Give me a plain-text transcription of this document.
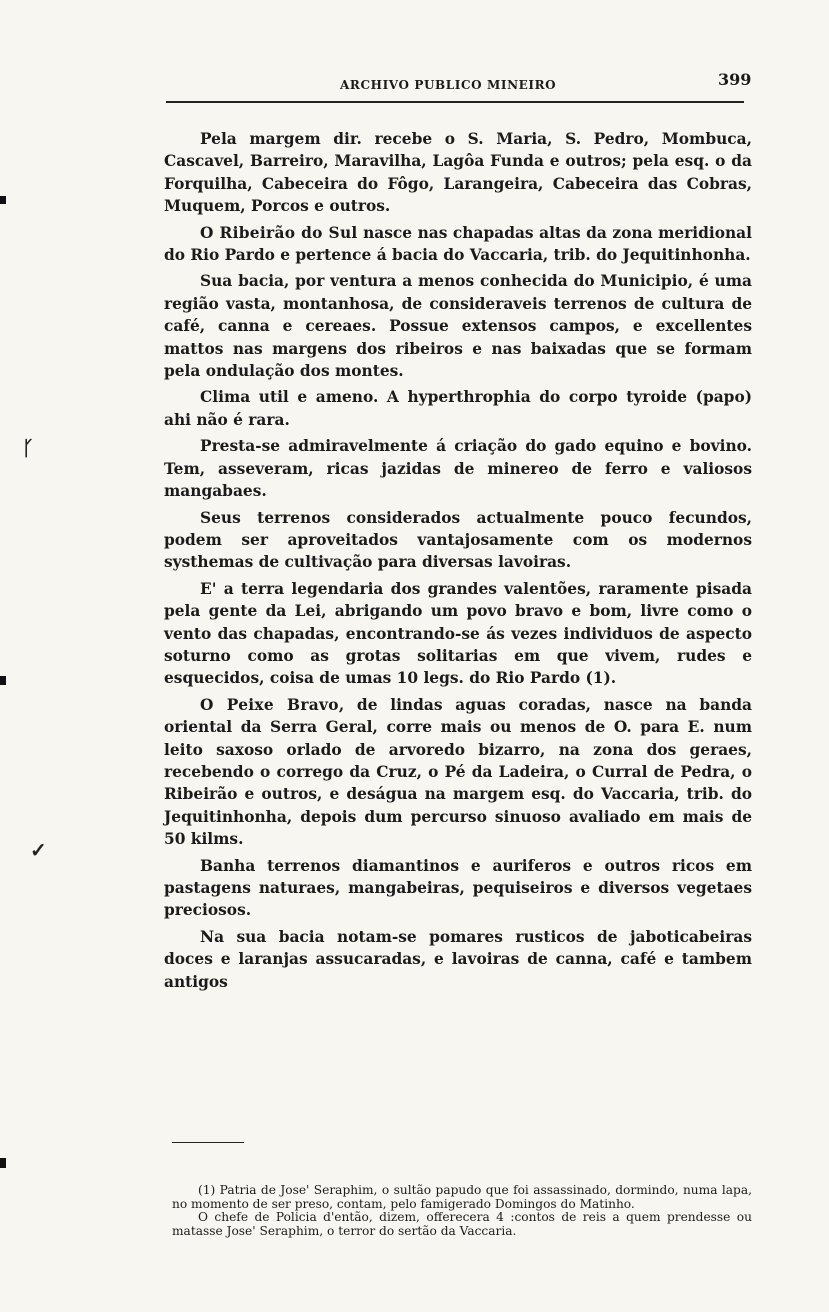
ARCHIVO PUBLICO MINEIRO	399

Pela margem dir. recebe o S. Maria, S. Pedro, Mombuca, Cascavel, Barreiro, Maravilha, Lagôa Funda e outros; pela esq. o da Forquilha, Cabeceira do Fôgo, Larangeira, Cabeceira das Cobras, Muquem, Porcos e outros.

O Ribeirão do Sul nasce nas chapadas altas da zona meridional do Rio Pardo e pertence á bacia do Vaccaria, trib. do Jequitinhonha.

Sua bacia, por ventura a menos conhecida do Municipio, é uma região vasta, montanhosa, de consideraveis terrenos de cultura de café, canna e cereaes. Possue extensos campos, e excellentes mattos nas margens dos ribeiros e nas baixadas que se formam pela ondulação dos montes.

Clima util e ameno. A hyperthrophia do corpo tyroide (papo) ahi não é rara.

Presta-se admiravelmente á criação do gado equino e bovino. Tem, asseveram, ricas jazidas de minereo de ferro e valiosos mangabaes.

Seus terrenos considerados actualmente pouco fecundos, podem ser aproveitados vantajosamente com os modernos systhemas de cultivação para diversas lavoiras.

E' a terra legendaria dos grandes valentões, raramente pisada pela gente da Lei, abrigando um povo bravo e bom, livre como o vento das chapadas, encontrando-se ás vezes individuos de aspecto soturno como as grotas solitarias em que vivem, rudes e esquecidos, coisa de umas 10 legs. do Rio Pardo (1).

O Peixe Bravo, de lindas aguas coradas, nasce na banda oriental da Serra Geral, corre mais ou menos de O. para E. num leito saxoso orlado de arvoredo bizarro, na zona dos geraes, recebendo o corrego da Cruz, o Pé da Ladeira, o Curral de Pedra, o Ribeirão e outros, e deságua na margem esq. do Vaccaria, trib. do Jequitinhonha, depois dum percurso sinuoso avaliado em mais de 50 kilms.

Banha terrenos diamantinos e auriferos e outros ricos em pastagens naturaes, mangabeiras, pequiseiros e diversos vegetaes preciosos.

Na sua bacia notam-se pomares rusticos de jaboticabeiras doces e laranjas assucaradas, e lavoiras de canna, café e tambem antigos

(1) Patria de Jose' Seraphim, o sultão papudo que foi assassinado, dormindo, numa lapa, no momento de ser preso, contam, pelo famigerado Domingos do Matinho.

O chefe de Policia d'então, dizem, offerecera 4 :contos de reis a quem prendesse ou matasse Jose' Seraphim, o terror do sertão da Vaccaria.

ᚴ
✓
